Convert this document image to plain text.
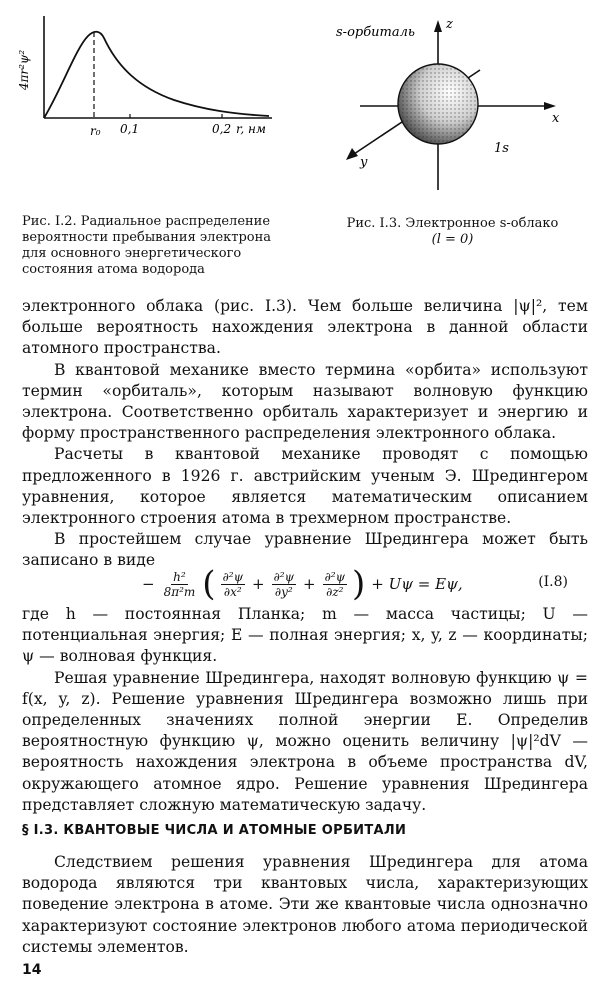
4πr²ψ²
r₀ 0,1	0,2 r, нм
s-орбиталь
z
x
y
1s
Рис. I.2. Радиальное распределение вероятности пребывания электрона для основного энергетического состояния атома водорода
Рис. I.3. Электронное s-облако
(l = 0)

электронного облака (рис. I.3). Чем больше величина |ψ|², тем больше вероятность нахождения электрона в данной области атомного пространства.

В квантовой механике вместо термина «орбита» используют термин «орбиталь», которым называют волновую функцию электрона. Соответственно орбиталь характеризует и энергию и форму пространственного распределения электронного облака.

Расчеты в квантовой механике проводят с помощью предложенного в 1926 г. австрийским ученым Э. Шредингером уравнения, которое является математическим описанием электронного строения атома в трехмерном пространстве.

В простейшем случае уравнение Шредингера может быть записано в виде

− $\frac{\text{h²}}{\text{8π²m}}$ ( $\frac{\text{∂²ψ}}{\text{∂x²}} + \frac{\text{∂²ψ}}{\text{∂y²}} + \frac{\text{∂²ψ}}{\text{∂z²}}$ ) + Uψ = Eψ,	(I.8)

где h — постоянная Планка; m — масса частицы; U — потенциальная энергия; E — полная энергия; x, y, z — координаты; ψ — волновая функция.

Решая уравнение Шредингера, находят волновую функцию ψ = f(x, y, z). Решение уравнения Шредингера возможно лишь при определенных значениях полной энергии E. Определив вероятностную функцию ψ, можно оценить величину |ψ|²dV — вероятность нахождения электрона в объеме пространства dV, окружающего атомное ядро. Решение уравнения Шредингера представляет сложную математическую задачу.

§ I.3. КВАНТОВЫЕ ЧИСЛА И АТОМНЫЕ ОРБИТАЛИ

Следствием решения уравнения Шредингера для атома водорода являются три квантовых числа, характеризующих поведение электрона в атоме. Эти же квантовые числа однозначно характеризуют состояние электронов любого атома периодической системы элементов.

14
